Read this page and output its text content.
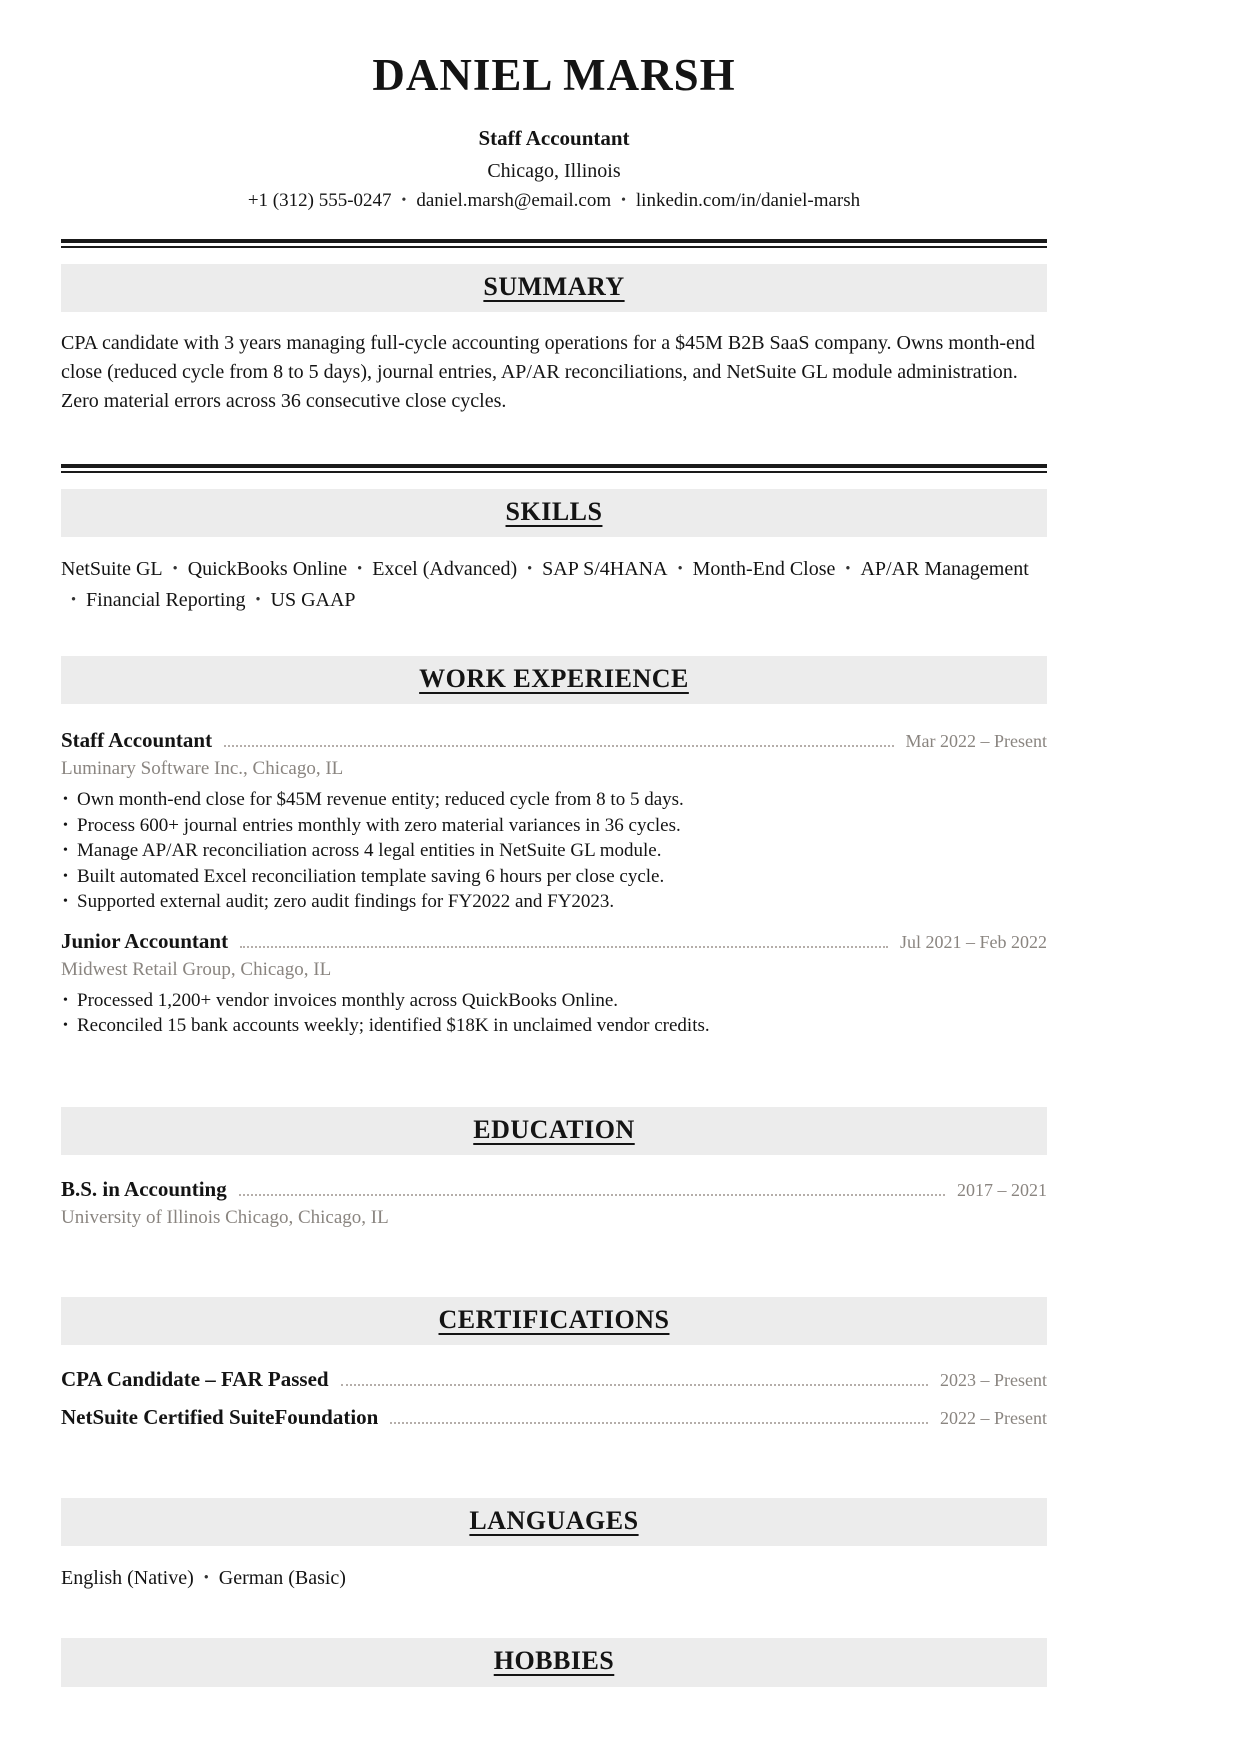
DANIEL MARSH
Staff Accountant
Chicago, Illinois
+1 (312) 555-0247 • daniel.marsh@email.com • linkedin.com/in/daniel-marsh
SUMMARY

CPA candidate with 3 years managing full-cycle accounting operations for a $45M B2B SaaS company. Owns month-end close (reduced cycle from 8 to 5 days), journal entries, AP/AR reconciliations, and NetSuite GL module administration. Zero material errors across 36 consecutive close cycles.

SKILLS
NetSuite GL • QuickBooks Online • Excel (Advanced) • SAP S/4HANA • Month-End Close• AP/AR Management•Financial Reporting • US GAAP
WORK EXPERIENCE
Staff Accountant	Mar 2022 – Present
Luminary Software Inc., Chicago, IL
• Own month-end close for $45M revenue entity; reduced cycle from 8 to 5 days.
• Process 600+ journal entries monthly with zero material variances in 36 cycles.
• Manage AP/AR reconciliation across 4 legal entities in NetSuite GL module.
• Built automated Excel reconciliation template saving 6 hours per close cycle.
• Supported external audit; zero audit findings for FY2022 and FY2023.
Junior Accountant	Jul 2021 – Feb 2022
Midwest Retail Group, Chicago, IL
• Processed 1,200+ vendor invoices monthly across QuickBooks Online.
• Reconciled 15 bank accounts weekly; identified $18K in unclaimed vendor credits.
EDUCATION
B.S. in Accounting	2017 – 2021
University of Illinois Chicago, Chicago, IL
CERTIFICATIONS
CPA Candidate – FAR Passed	2023 – Present
NetSuite Certified SuiteFoundation	2022 – Present
LANGUAGES
English (Native) • German (Basic)
HOBBIES
